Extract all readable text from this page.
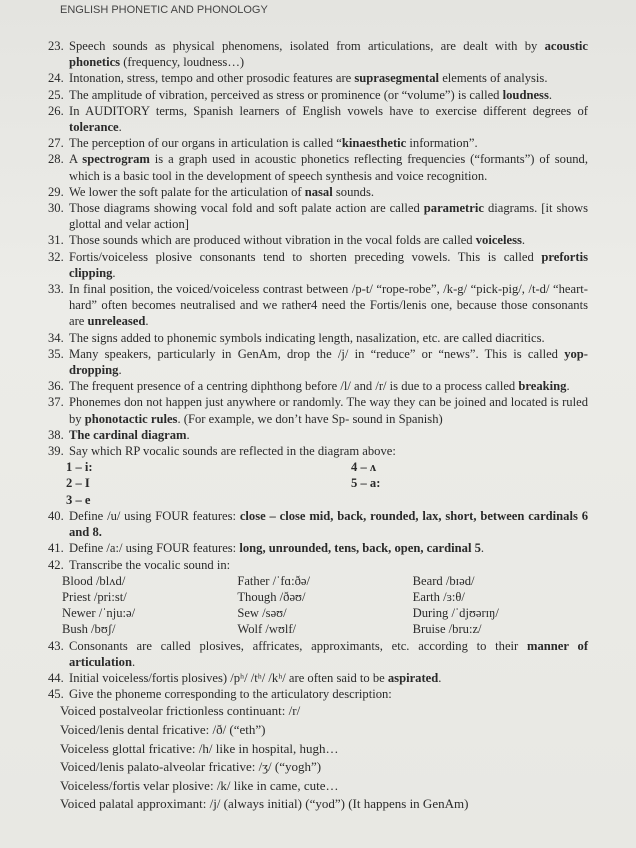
ENGLISH PHONETIC AND PHONOLOGY
23. Speech sounds as physical phenomens, isolated from articulations, are dealt with by acoustic phonetics (frequency, loudness…)
24. Intonation, stress, tempo and other prosodic features are suprasegmental elements of analysis.
25. The amplitude of vibration, perceived as stress or prominence (or “volume”) is called loudness.
26. In AUDITORY terms, Spanish learners of English vowels have to exercise different degrees of tolerance.
27. The perception of our organs in articulation is called “kinaesthetic information”.
28. A spectrogram is a graph used in acoustic phonetics reflecting frequencies (“formants”) of sound, which is a basic tool in the development of speech synthesis and voice recognition.
29. We lower the soft palate for the articulation of nasal sounds.
30. Those diagrams showing vocal fold and soft palate action are called parametric diagrams. [it shows glottal and velar action]
31. Those sounds which are produced without vibration in the vocal folds are called voiceless.
32. Fortis/voiceless plosive consonants tend to shorten preceding vowels. This is called prefortis clipping.
33. In final position, the voiced/voiceless contrast between /p-t/ “rope-robe”, /k-g/ “pick-pig/, /t-d/ “heart-hard” often becomes neutralised and we rather4 need the Fortis/lenis one, because those consonants are unreleased.
34. The signs added to phonemic symbols indicating length, nasalization, etc. are called diacritics.
35. Many speakers, particularly in GenAm, drop the /j/ in “reduce” or “news”. This is called yop-dropping.
36. The frequent presence of a centring diphthong before /l/ and /r/ is due to a process called breaking.
37. Phonemes don not happen just anywhere or randomly. The way they can be joined and located is ruled by phonotactic rules. (For example, we don’t have Sp- sound in Spanish)
38. The cardinal diagram.
39. Say which RP vocalic sounds are reflected in the diagram above:
1 – i:	4 – ʌ
2 – I	5 – a:
3 – e
40. Define /u/ using FOUR features: close – close mid, back, rounded, lax, short, between cardinals 6 and 8.
41. Define /a:/ using FOUR features: long, unrounded, tens, back, open, cardinal 5.
42. Transcribe the vocalic sound in:
Blood /blʌd/	Father /ˈfɑ:ðə/	Beard /bɪəd/
Priest /pri:st/	Though /ðəʊ/	Earth /ɜ:θ/
Newer /ˈnju:ə/	Sew /səʊ/	During /ˈdjʊərɪŋ/
Bush /bʊʃ/	Wolf /wʊlf/	Bruise /bru:z/
43. Consonants are called plosives, affricates, approximants, etc. according to their manner of articulation.
44. Initial voiceless/fortis plosives) /pʰ/ /tʰ/ /kʰ/ are often said to be aspirated.
45. Give the phoneme corresponding to the articulatory description:
Voiced postalveolar frictionless continuant: /r/
Voiced/lenis dental fricative: /ð/ (“eth”)
Voiceless glottal fricative: /h/ like in hospital, hugh…
Voiced/lenis palato-alveolar fricative: /ʒ/ (“yogh”)
Voiceless/fortis velar plosive: /k/ like in came, cute…
Voiced palatal approximant: /j/ (always initial) (“yod”) (It happens in GenAm)
